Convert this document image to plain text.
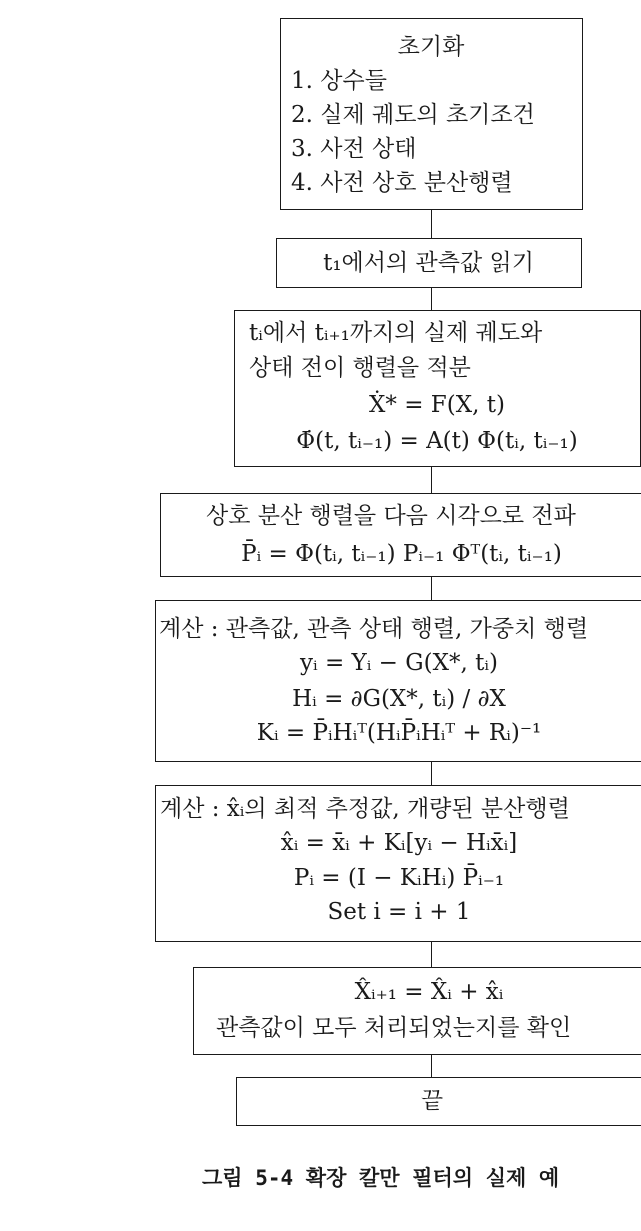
초기화
1. 상수들
2. 실제 궤도의 초기조건
3. 사전 상태
4. 사전 상호 분산행렬
t₁에서의 관측값 읽기
tᵢ에서 tᵢ₊₁까지의 실제 궤도와
상태 전이 행렬을 적분
Ẋ* = F(X, t)
Φ̇(t, tᵢ₋₁) = A(t) Φ(tᵢ, tᵢ₋₁)
상호 분산 행렬을 다음 시각으로 전파
P̄ᵢ = Φ(tᵢ, tᵢ₋₁) Pᵢ₋₁ Φᵀ(tᵢ, tᵢ₋₁)
계산 : 관측값, 관측 상태 행렬, 가중치 행렬
yᵢ = Yᵢ − G(X*, tᵢ)
Hᵢ = ∂G(X*, tᵢ) / ∂X
Kᵢ = P̄ᵢHᵢᵀ(HᵢP̄ᵢHᵢᵀ + Rᵢ)⁻¹
계산 : x̂ᵢ의 최적 추정값, 개량된 분산행렬
x̂ᵢ = x̄ᵢ + Kᵢ[yᵢ − Hᵢx̄ᵢ]
Pᵢ = (I − KᵢHᵢ) P̄ᵢ₋₁
Set i = i + 1
X̂ᵢ₊₁ = X̂ᵢ + x̂ᵢ
관측값이 모두 처리되었는지를 확인
끝
그림 5-4 확장 칼만 필터의 실제 예
